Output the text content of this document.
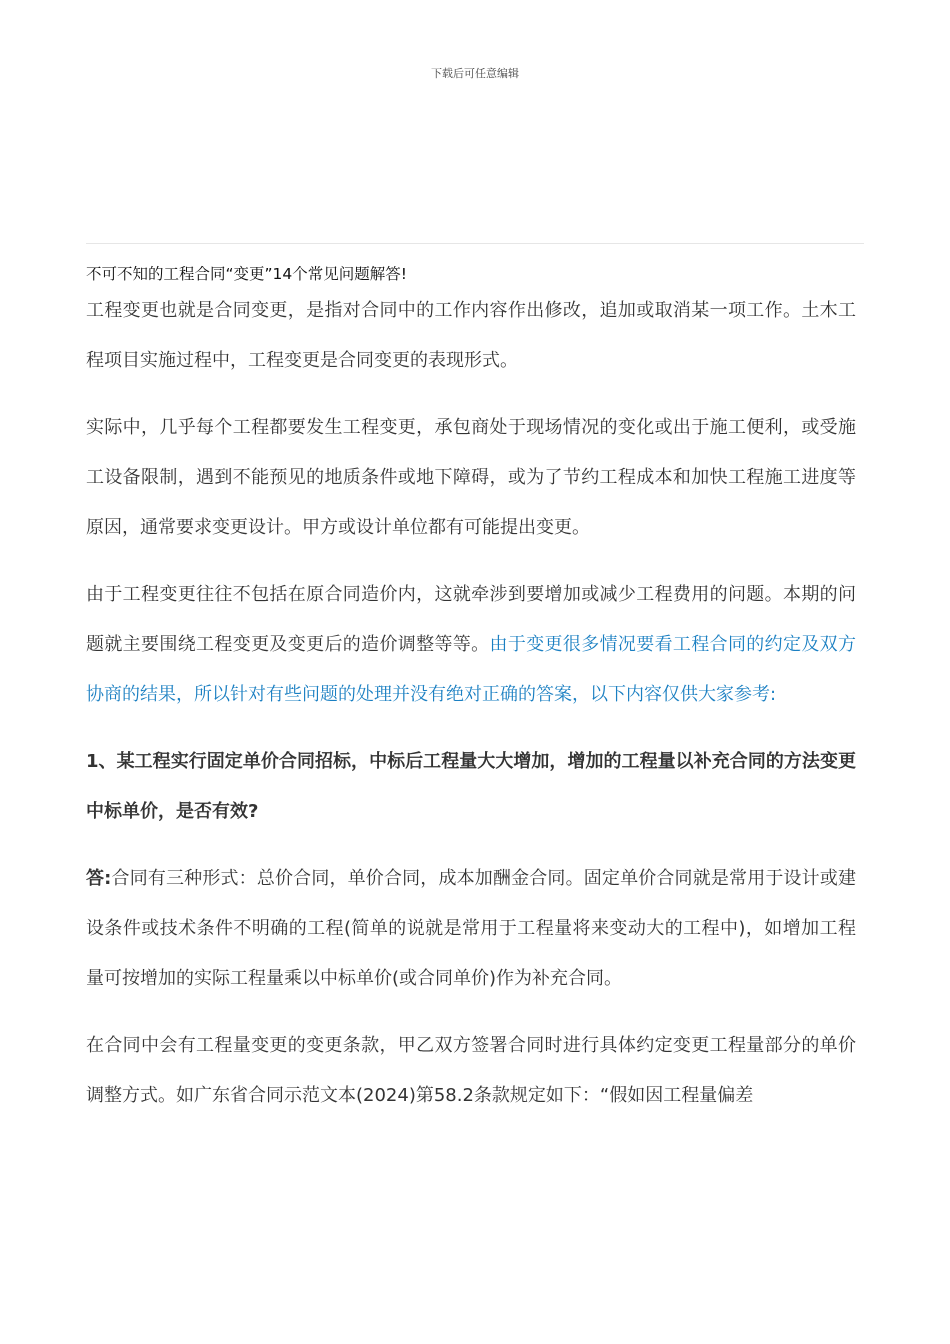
下载后可任意编辑
不可不知的工程合同“变更”14个常见问题解答!

工程变更也就是合同变更，是指对合同中的工作内容作出修改，追加或取消某一项工作。土木工程项目实施过程中，工程变更是合同变更的表现形式。

实际中，几乎每个工程都要发生工程变更，承包商处于现场情况的变化或出于施工便利，或受施工设备限制，遇到不能预见的地质条件或地下障碍，或为了节约工程成本和加快工程施工进度等原因，通常要求变更设计。甲方或设计单位都有可能提出变更。

由于工程变更往往不包括在原合同造价内，这就牵涉到要增加或减少工程费用的问题。本期的问题就主要围绕工程变更及变更后的造价调整等等。由于变更很多情况要看工程合同的约定及双方协商的结果，所以针对有些问题的处理并没有绝对正确的答案，以下内容仅供大家参考:

1、某工程实行固定单价合同招标，中标后工程量大大增加，增加的工程量以补充合同的方法变更中标单价，是否有效?

答:合同有三种形式：总价合同，单价合同，成本加酬金合同。固定单价合同就是常用于设计或建设条件或技术条件不明确的工程(简单的说就是常用于工程量将来变动大的工程中)，如增加工程量可按增加的实际工程量乘以中标单价(或合同单价)作为补充合同。

在合同中会有工程量变更的变更条款，甲乙双方签署合同时进行具体约定变更工程量部分的单价调整方式。如广东省合同示范文本(2024)第58.2条款规定如下：“假如因工程量偏差
